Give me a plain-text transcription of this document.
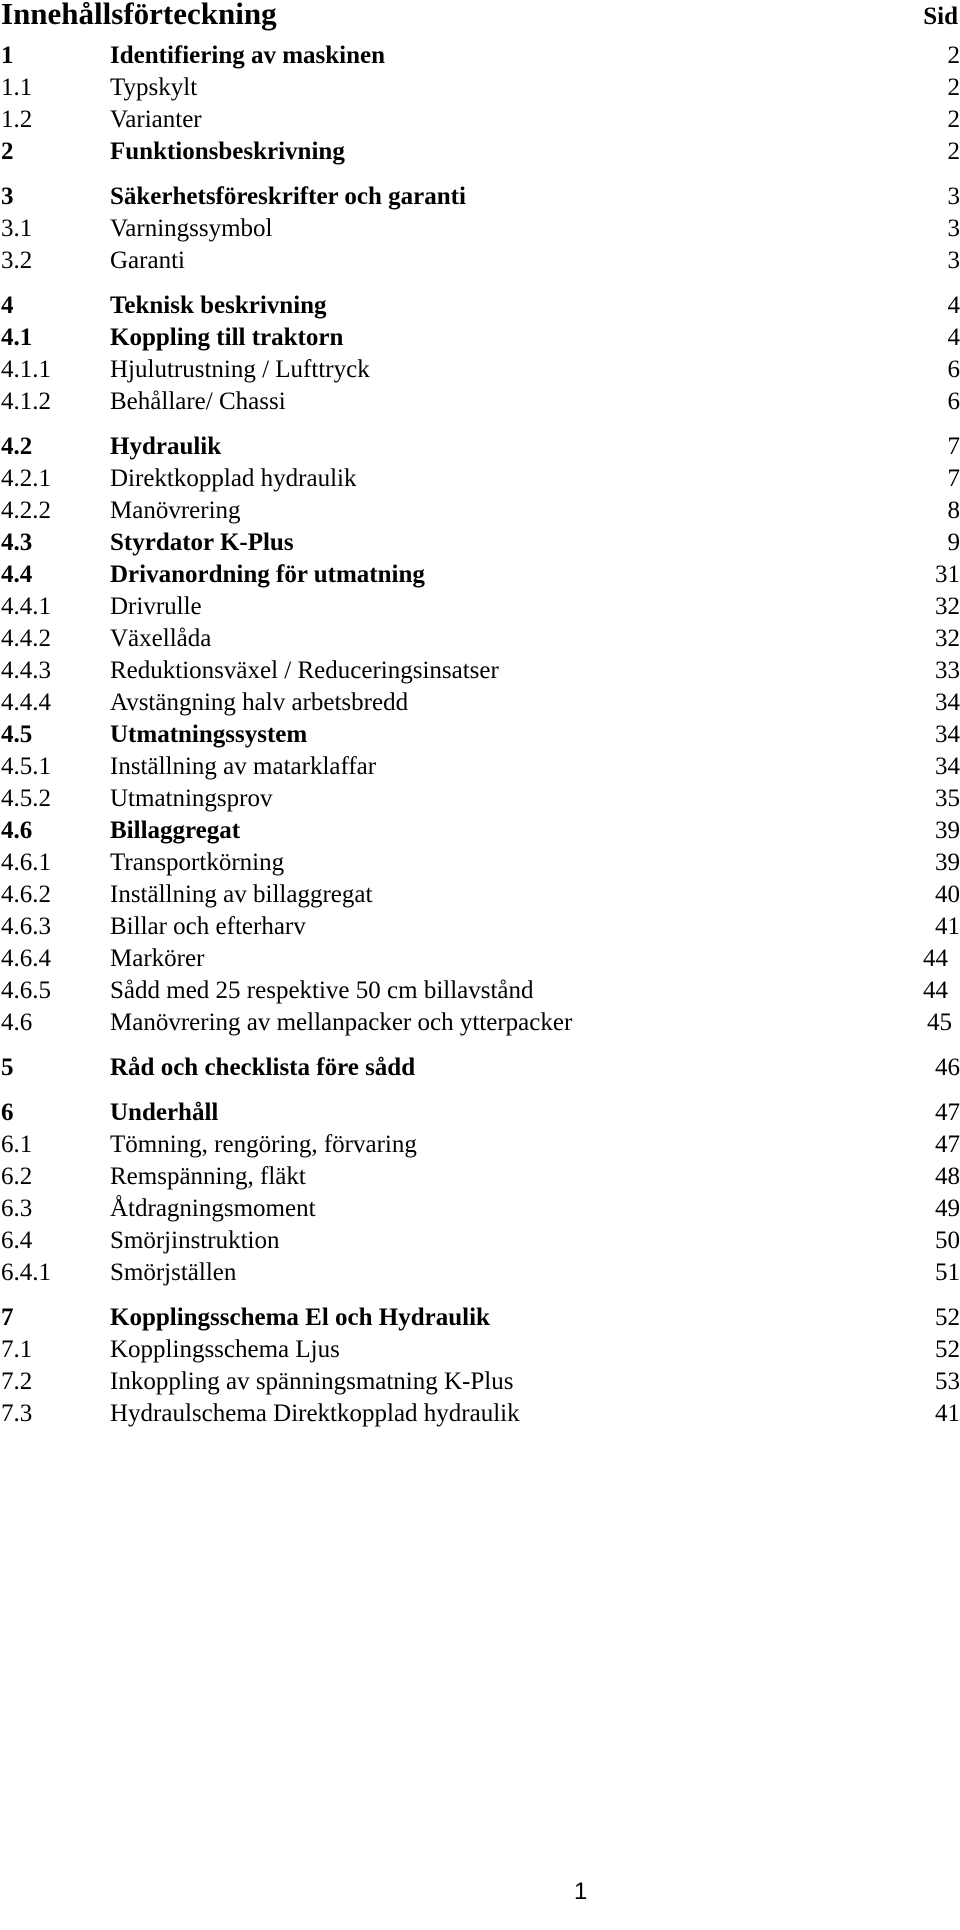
Innehållsförteckning	Sid
1	Identifiering av maskinen	2
1.1	Typskylt	2
1.2	Varianter	2
2	Funktionsbeskrivning	2
3	Säkerhetsföreskrifter och garanti	3
3.1	Varningssymbol	3
3.2	Garanti	3
4	Teknisk beskrivning	4
4.1	Koppling till traktorn	4
4.1.1 Hjulutrustning / Lufttryck	6
4.1.2 Behållare/ Chassi	6
4.2	Hydraulik	7
4.2.1 Direktkopplad hydraulik	7
4.2.2 Manövrering	8
4.3	Styrdator K-Plus	9
4.4	Drivanordning för utmatning	31
4.4.1 Drivrulle	32
4.4.2 Växellåda	32
4.4.3 Reduktionsväxel / Reduceringsinsatser	33
4.4.4 Avstängning halv arbetsbredd	34
4.5	Utmatningssystem	34
4.5.1 Inställning av matarklaffar	34
4.5.2 Utmatningsprov	35
4.6	Billaggregat	39
4.6.1 Transportkörning	39
4.6.2 Inställning av billaggregat	40
4.6.3 Billar och efterharv	41
4.6.4 Markörer	44
4.6.5 Sådd med 25 respektive 50 cm billavstånd	44
4.6	Manövrering av mellanpacker och ytterpacker	45
5	Råd och checklista före sådd	46
6	Underhåll	47
6.1	Tömning, rengöring, förvaring	47
6.2	Remspänning, fläkt	48
6.3	Åtdragningsmoment	49
6.4	Smörjinstruktion	50
6.4.1 Smörjställen	51
7	Kopplingsschema El och Hydraulik	52
7.1	Kopplingsschema Ljus	52
7.2	Inkoppling av spänningsmatning K-Plus	53
7.3	Hydraulschema Direktkopplad hydraulik	41
1
